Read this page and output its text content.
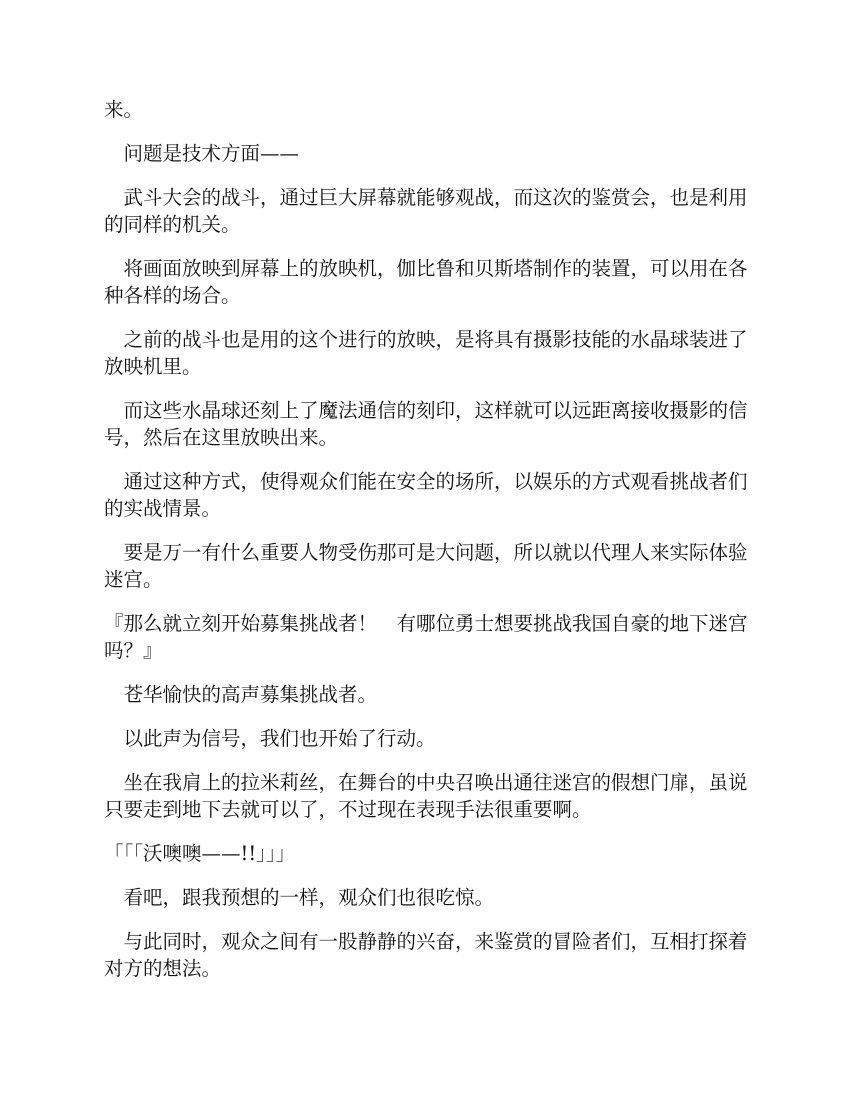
来。

问题是技术方面——

武斗大会的战斗，通过巨大屏幕就能够观战，而这次的鉴赏会，也是利用的同样的机关。

将画面放映到屏幕上的放映机，伽比鲁和贝斯塔制作的装置，可以用在各种各样的场合。

之前的战斗也是用的这个进行的放映，是将具有摄影技能的水晶球装进了放映机里。

而这些水晶球还刻上了魔法通信的刻印，这样就可以远距离接收摄影的信号，然后在这里放映出来。

通过这种方式，使得观众们能在安全的场所，以娱乐的方式观看挑战者们的实战情景。

要是万一有什么重要人物受伤那可是大问题，所以就以代理人来实际体验迷宫。

『那么就立刻开始募集挑战者！　有哪位勇士想要挑战我国自豪的地下迷宫吗？』

苍华愉快的高声募集挑战者。

以此声为信号，我们也开始了行动。

坐在我肩上的拉米莉丝，在舞台的中央召唤出通往迷宫的假想门扉，虽说只要走到地下去就可以了，不过现在表现手法很重要啊。

「「「沃噢噢——!!」」」

看吧，跟我预想的一样，观众们也很吃惊。

与此同时，观众之间有一股静静的兴奋，来鉴赏的冒险者们，互相打探着对方的想法。
